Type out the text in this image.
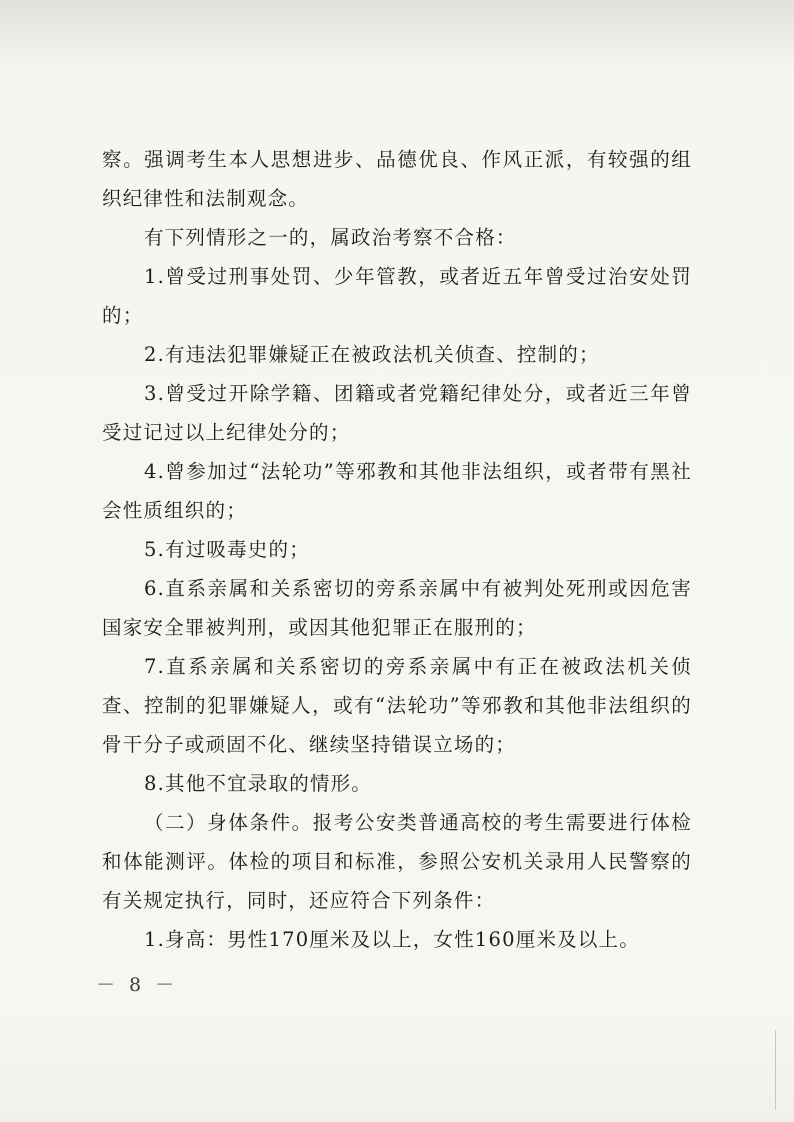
察。强调考生本人思想进步、品德优良、作风正派，有较强的组织纪律性和法制观念。

有下列情形之一的，属政治考察不合格：

1.曾受过刑事处罚、少年管教，或者近五年曾受过治安处罚的；

2.有违法犯罪嫌疑正在被政法机关侦查、控制的；

3.曾受过开除学籍、团籍或者党籍纪律处分，或者近三年曾受过记过以上纪律处分的；

4.曾参加过“法轮功”等邪教和其他非法组织，或者带有黑社会性质组织的；

5.有过吸毒史的；

6.直系亲属和关系密切的旁系亲属中有被判处死刑或因危害国家安全罪被判刑，或因其他犯罪正在服刑的；

7.直系亲属和关系密切的旁系亲属中有正在被政法机关侦查、控制的犯罪嫌疑人，或有“法轮功”等邪教和其他非法组织的骨干分子或顽固不化、继续坚持错误立场的；

8.其他不宜录取的情形。

（二）身体条件。报考公安类普通高校的考生需要进行体检和体能测评。体检的项目和标准，参照公安机关录用人民警察的有关规定执行，同时，还应符合下列条件：

1.身高：男性170厘米及以上，女性160厘米及以上。

－ 8 －
